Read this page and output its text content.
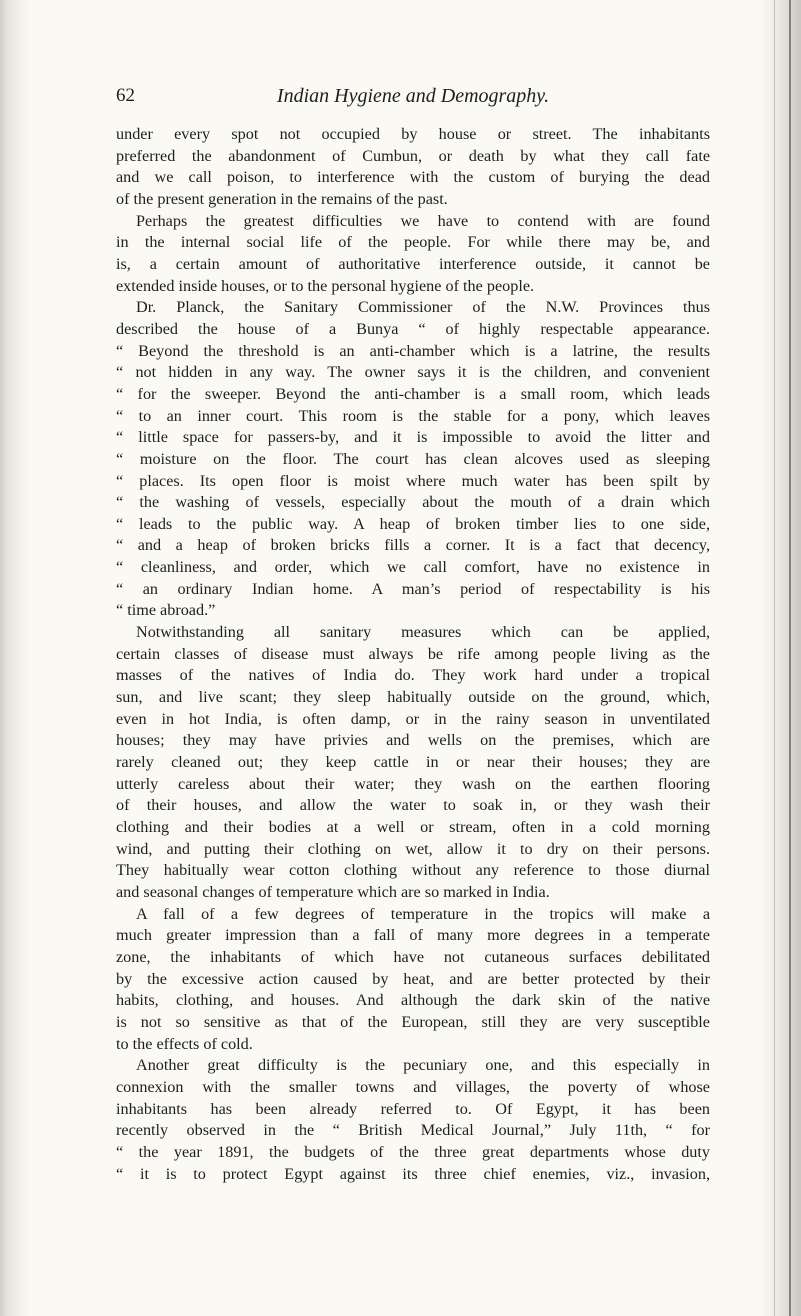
62	Indian Hygiene and Demography.
under every spot not occupied by house or street. The inhabitants
preferred the abandonment of Cumbun, or death by what they call fate
and we call poison, to interference with the custom of burying the dead
of the present generation in the remains of the past.
Perhaps the greatest difficulties we have to contend with are found
in the internal social life of the people. For while there may be, and
is, a certain amount of authoritative interference outside, it cannot be
extended inside houses, or to the personal hygiene of the people.
Dr. Planck, the Sanitary Commissioner of the N.W. Provinces thus
described the house of a Bunya “ of highly respectable appearance.
“ Beyond the threshold is an anti-chamber which is a latrine, the results
“ not hidden in any way. The owner says it is the children, and convenient
“ for the sweeper. Beyond the anti-chamber is a small room, which leads
“ to an inner court. This room is the stable for a pony, which leaves
“ little space for passers-by, and it is impossible to avoid the litter and
“ moisture on the floor. The court has clean alcoves used as sleeping
“ places. Its open floor is moist where much water has been spilt by
“ the washing of vessels, especially about the mouth of a drain which
“ leads to the public way. A heap of broken timber lies to one side,
“ and a heap of broken bricks fills a corner. It is a fact that decency,
“ cleanliness, and order, which we call comfort, have no existence in
“ an ordinary Indian home. A man’s period of respectability is his
“ time abroad.”
Notwithstanding all sanitary measures which can be applied,
certain classes of disease must always be rife among people living as the
masses of the natives of India do. They work hard under a tropical
sun, and live scant; they sleep habitually outside on the ground, which,
even in hot India, is often damp, or in the rainy season in unventilated
houses; they may have privies and wells on the premises, which are
rarely cleaned out; they keep cattle in or near their houses; they are
utterly careless about their water; they wash on the earthen flooring
of their houses, and allow the water to soak in, or they wash their
clothing and their bodies at a well or stream, often in a cold morning
wind, and putting their clothing on wet, allow it to dry on their persons.
They habitually wear cotton clothing without any reference to those diurnal
and seasonal changes of temperature which are so marked in India.
A fall of a few degrees of temperature in the tropics will make a
much greater impression than a fall of many more degrees in a temperate
zone, the inhabitants of which have not cutaneous surfaces debilitated
by the excessive action caused by heat, and are better protected by their
habits, clothing, and houses. And although the dark skin of the native
is not so sensitive as that of the European, still they are very susceptible
to the effects of cold.
Another great difficulty is the pecuniary one, and this especially in
connexion with the smaller towns and villages, the poverty of whose
inhabitants has been already referred to. Of Egypt, it has been
recently observed in the “ British Medical Journal,” July 11th, “ for
“ the year 1891, the budgets of the three great departments whose duty
“ it is to protect Egypt against its three chief enemies, viz., invasion,
